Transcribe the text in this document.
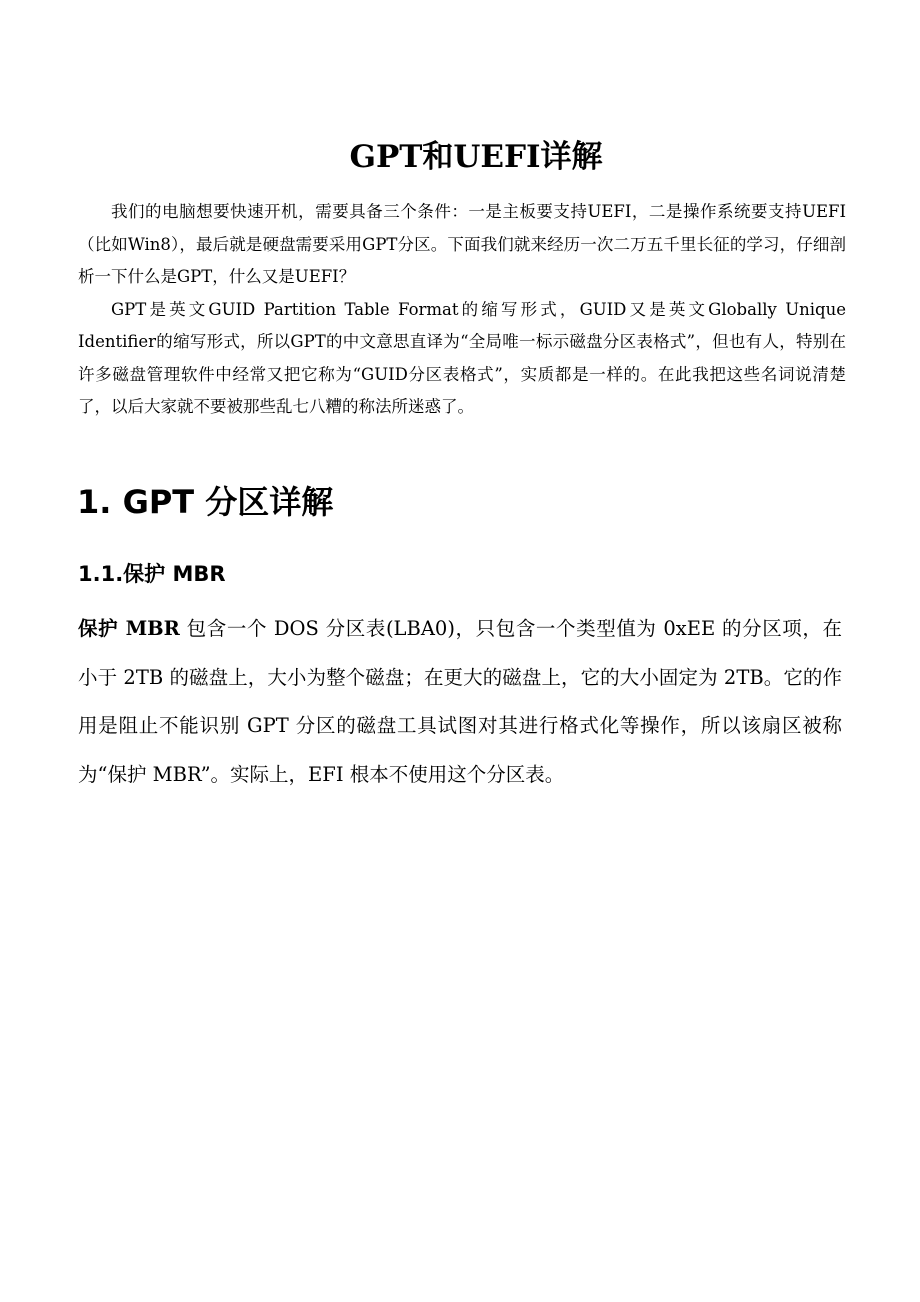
GPT和UEFI详解

我们的电脑想要快速开机，需要具备三个条件：一是主板要支持UEFI，二是操作系统要支持UEFI（比如Win8），最后就是硬盘需要采用GPT分区。下面我们就来经历一次二万五千里长征的学习，仔细剖析一下什么是GPT，什么又是UEFI？

GPT是英文GUID Partition Table Format的缩写形式，GUID又是英文Globally Unique Identifier的缩写形式，所以GPT的中文意思直译为“全局唯一标示磁盘分区表格式”，但也有人，特别在许多磁盘管理软件中经常又把它称为“GUID分区表格式”，实质都是一样的。在此我把这些名词说清楚了，以后大家就不要被那些乱七八糟的称法所迷惑了。

1. GPT 分区详解
1.1.保护 MBR

保护 MBR 包含一个 DOS 分区表(LBA0)，只包含一个类型值为 0xEE 的分区项，在小于 2TB 的磁盘上，大小为整个磁盘；在更大的磁盘上，它的大小固定为 2TB。它的作用是阻止不能识别 GPT 分区的磁盘工具试图对其进行格式化等操作，所以该扇区被称为“保护 MBR”。实际上，EFI 根本不使用这个分区表。
